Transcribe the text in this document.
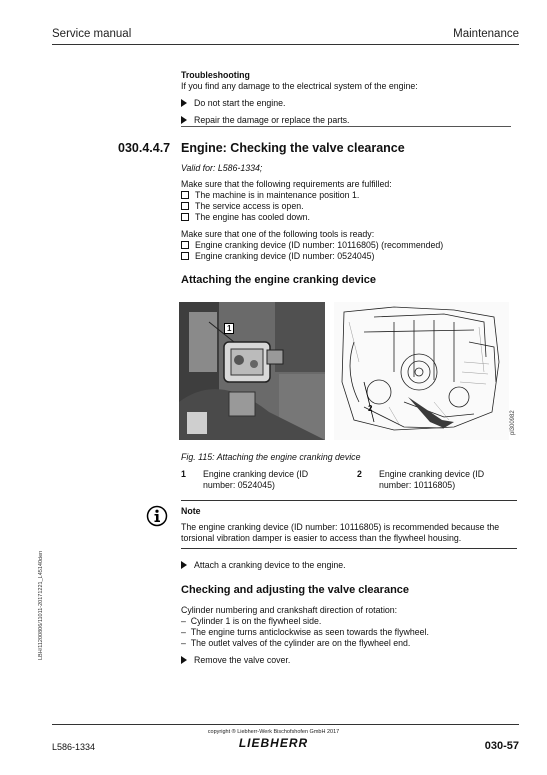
Service manual	Maintenance
Troubleshooting
If you find any damage to the electrical system of the engine:
Do not start the engine.
Repair the damage or replace the parts.
030.4.4.7 Engine: Checking the valve clearance
Valid for: L586-1334;
Make sure that the following requirements are fulfilled:
The machine is in maintenance position 1.
The service access is open.
The engine has cooled down.
Make sure that one of the following tools is ready:
Engine cranking device (ID number: 10116805) (recommended)
Engine cranking device (ID number: 0524045)
Attaching the engine cranking device
1
2
pl300982
Fig. 115: Attaching the engine cranking device
1 Engine cranking device (ID
number: 0524045)
2 Engine cranking device (ID
number: 10116805)
Note
The engine cranking device (ID number: 10116805) is recommended because the
torsional vibration damper is easier to access than the flywheel housing.
Attach a cranking device to the engine.
Checking and adjusting the valve clearance
Cylinder numbering and crankshaft direction of rotation:
–  Cylinder 1 is on the flywheel side.
–  The engine turns anticlockwise as seen towards the flywheel.
–  The outlet valves of the cylinder are on the flywheel end.
Remove the valve cover.
LBH/11200806/11011-20171221_L45140den
copyright ® Liebherr-Werk Bischofshofen GmbH 2017
LIEBHERR
L586-1334	030-57
